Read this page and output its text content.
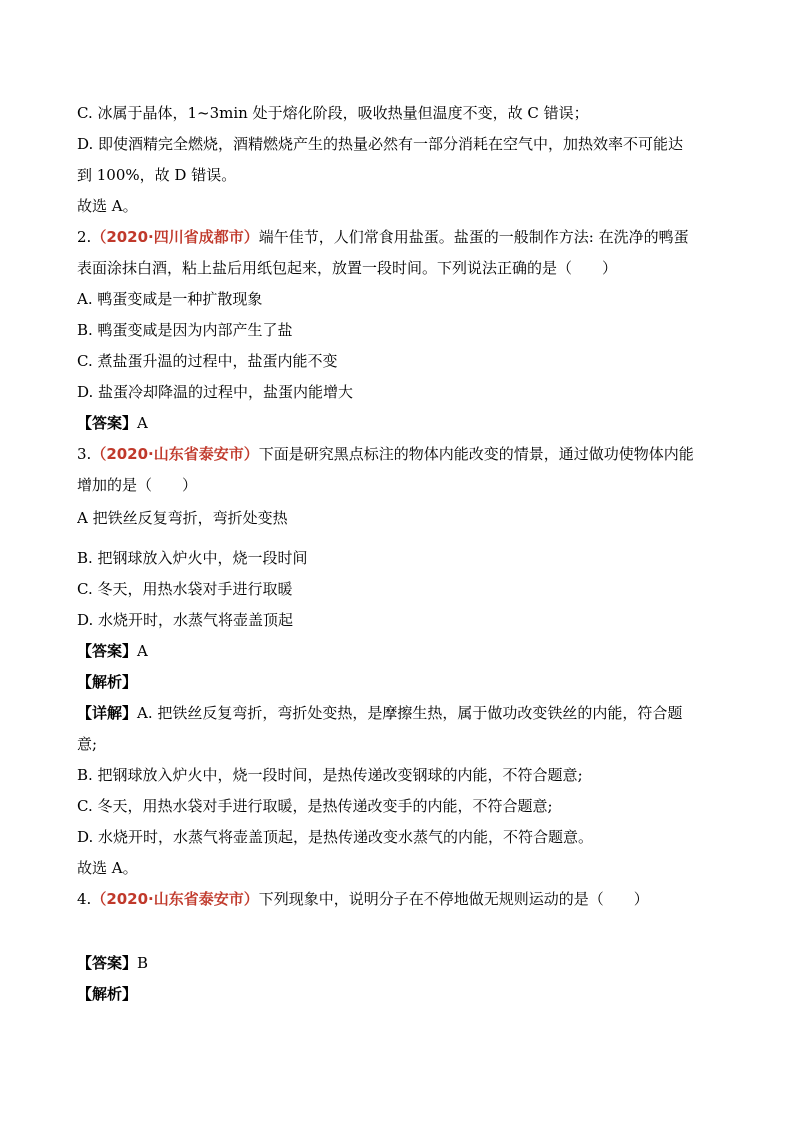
C. 冰属于晶体，1~3min 处于熔化阶段，吸收热量但温度不变，故 C 错误；
D. 即使酒精完全燃烧，酒精燃烧产生的热量必然有一部分消耗在空气中，加热效率不可能达
到 100%，故 D 错误。
故选 A。
2.（2020·四川省成都市）端午佳节，人们常食用盐蛋。盐蛋的一般制作方法: 在洗净的鸭蛋
表面涂抹白酒，粘上盐后用纸包起来，放置一段时间。下列说法正确的是（　　）
A. 鸭蛋变咸是一种扩散现象
B. 鸭蛋变咸是因为内部产生了盐
C. 煮盐蛋升温的过程中，盐蛋内能不变
D. 盐蛋冷却降温的过程中，盐蛋内能增大
【答案】A
3.（2020·山东省泰安市）下面是研究黑点标注的物体内能改变的情景，通过做功使物体内能
增加的是（　　）
A 把铁丝反复弯折，弯折处变热
B. 把钢球放入炉火中，烧一段时间
C. 冬天，用热水袋对手进行取暖
D. 水烧开时，水蒸气将壶盖顶起
【答案】A
【解析】
【详解】A. 把铁丝反复弯折，弯折处变热，是摩擦生热，属于做功改变铁丝的内能，符合题
意;
B. 把钢球放入炉火中，烧一段时间，是热传递改变钢球的内能，不符合题意;
C. 冬天，用热水袋对手进行取暖，是热传递改变手的内能，不符合题意;
D. 水烧开时，水蒸气将壶盖顶起，是热传递改变水蒸气的内能，不符合题意。
故选 A。
4.（2020·山东省泰安市）下列现象中，说明分子在不停地做无规则运动的是（　　）
【答案】B
【解析】
